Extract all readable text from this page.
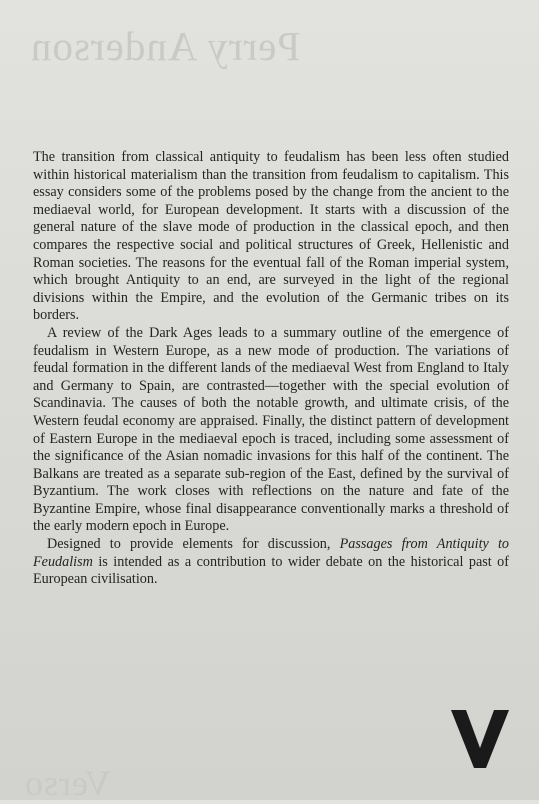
Perry Anderson

The transition from classical antiquity to feudalism has been less often studied within historical materialism than the transition from feudalism to capitalism. This essay considers some of the problems posed by the change from the ancient to the mediaeval world, for European development. It starts with a discussion of the general nature of the slave mode of production in the classical epoch, and then compares the respective social and political structures of Greek, Hellenistic and Roman societies. The reasons for the eventual fall of the Roman imperial system, which brought Antiquity to an end, are surveyed in the light of the regional divisions within the Empire, and the evolution of the Germanic tribes on its borders.

A review of the Dark Ages leads to a summary outline of the emergence of feudalism in Western Europe, as a new mode of production. The variations of feudal formation in the different lands of the mediaeval West from England to Italy and Germany to Spain, are contrasted—together with the special evolution of Scandinavia. The causes of both the notable growth, and ultimate crisis, of the Western feudal economy are appraised. Finally, the distinct pattern of development of Eastern Europe in the mediaeval epoch is traced, including some assessment of the significance of the Asian nomadic invasions for this half of the continent. The Balkans are treated as a separate sub-region of the East, defined by the survival of Byzantium. The work closes with reflections on the nature and fate of the Byzantine Empire, whose final disappearance conventionally marks a threshold of the early modern epoch in Europe.

Designed to provide elements for discussion, Passages from Antiquity to Feudalism is intended as a contribution to wider debate on the historical past of European civilisation.

Verso
